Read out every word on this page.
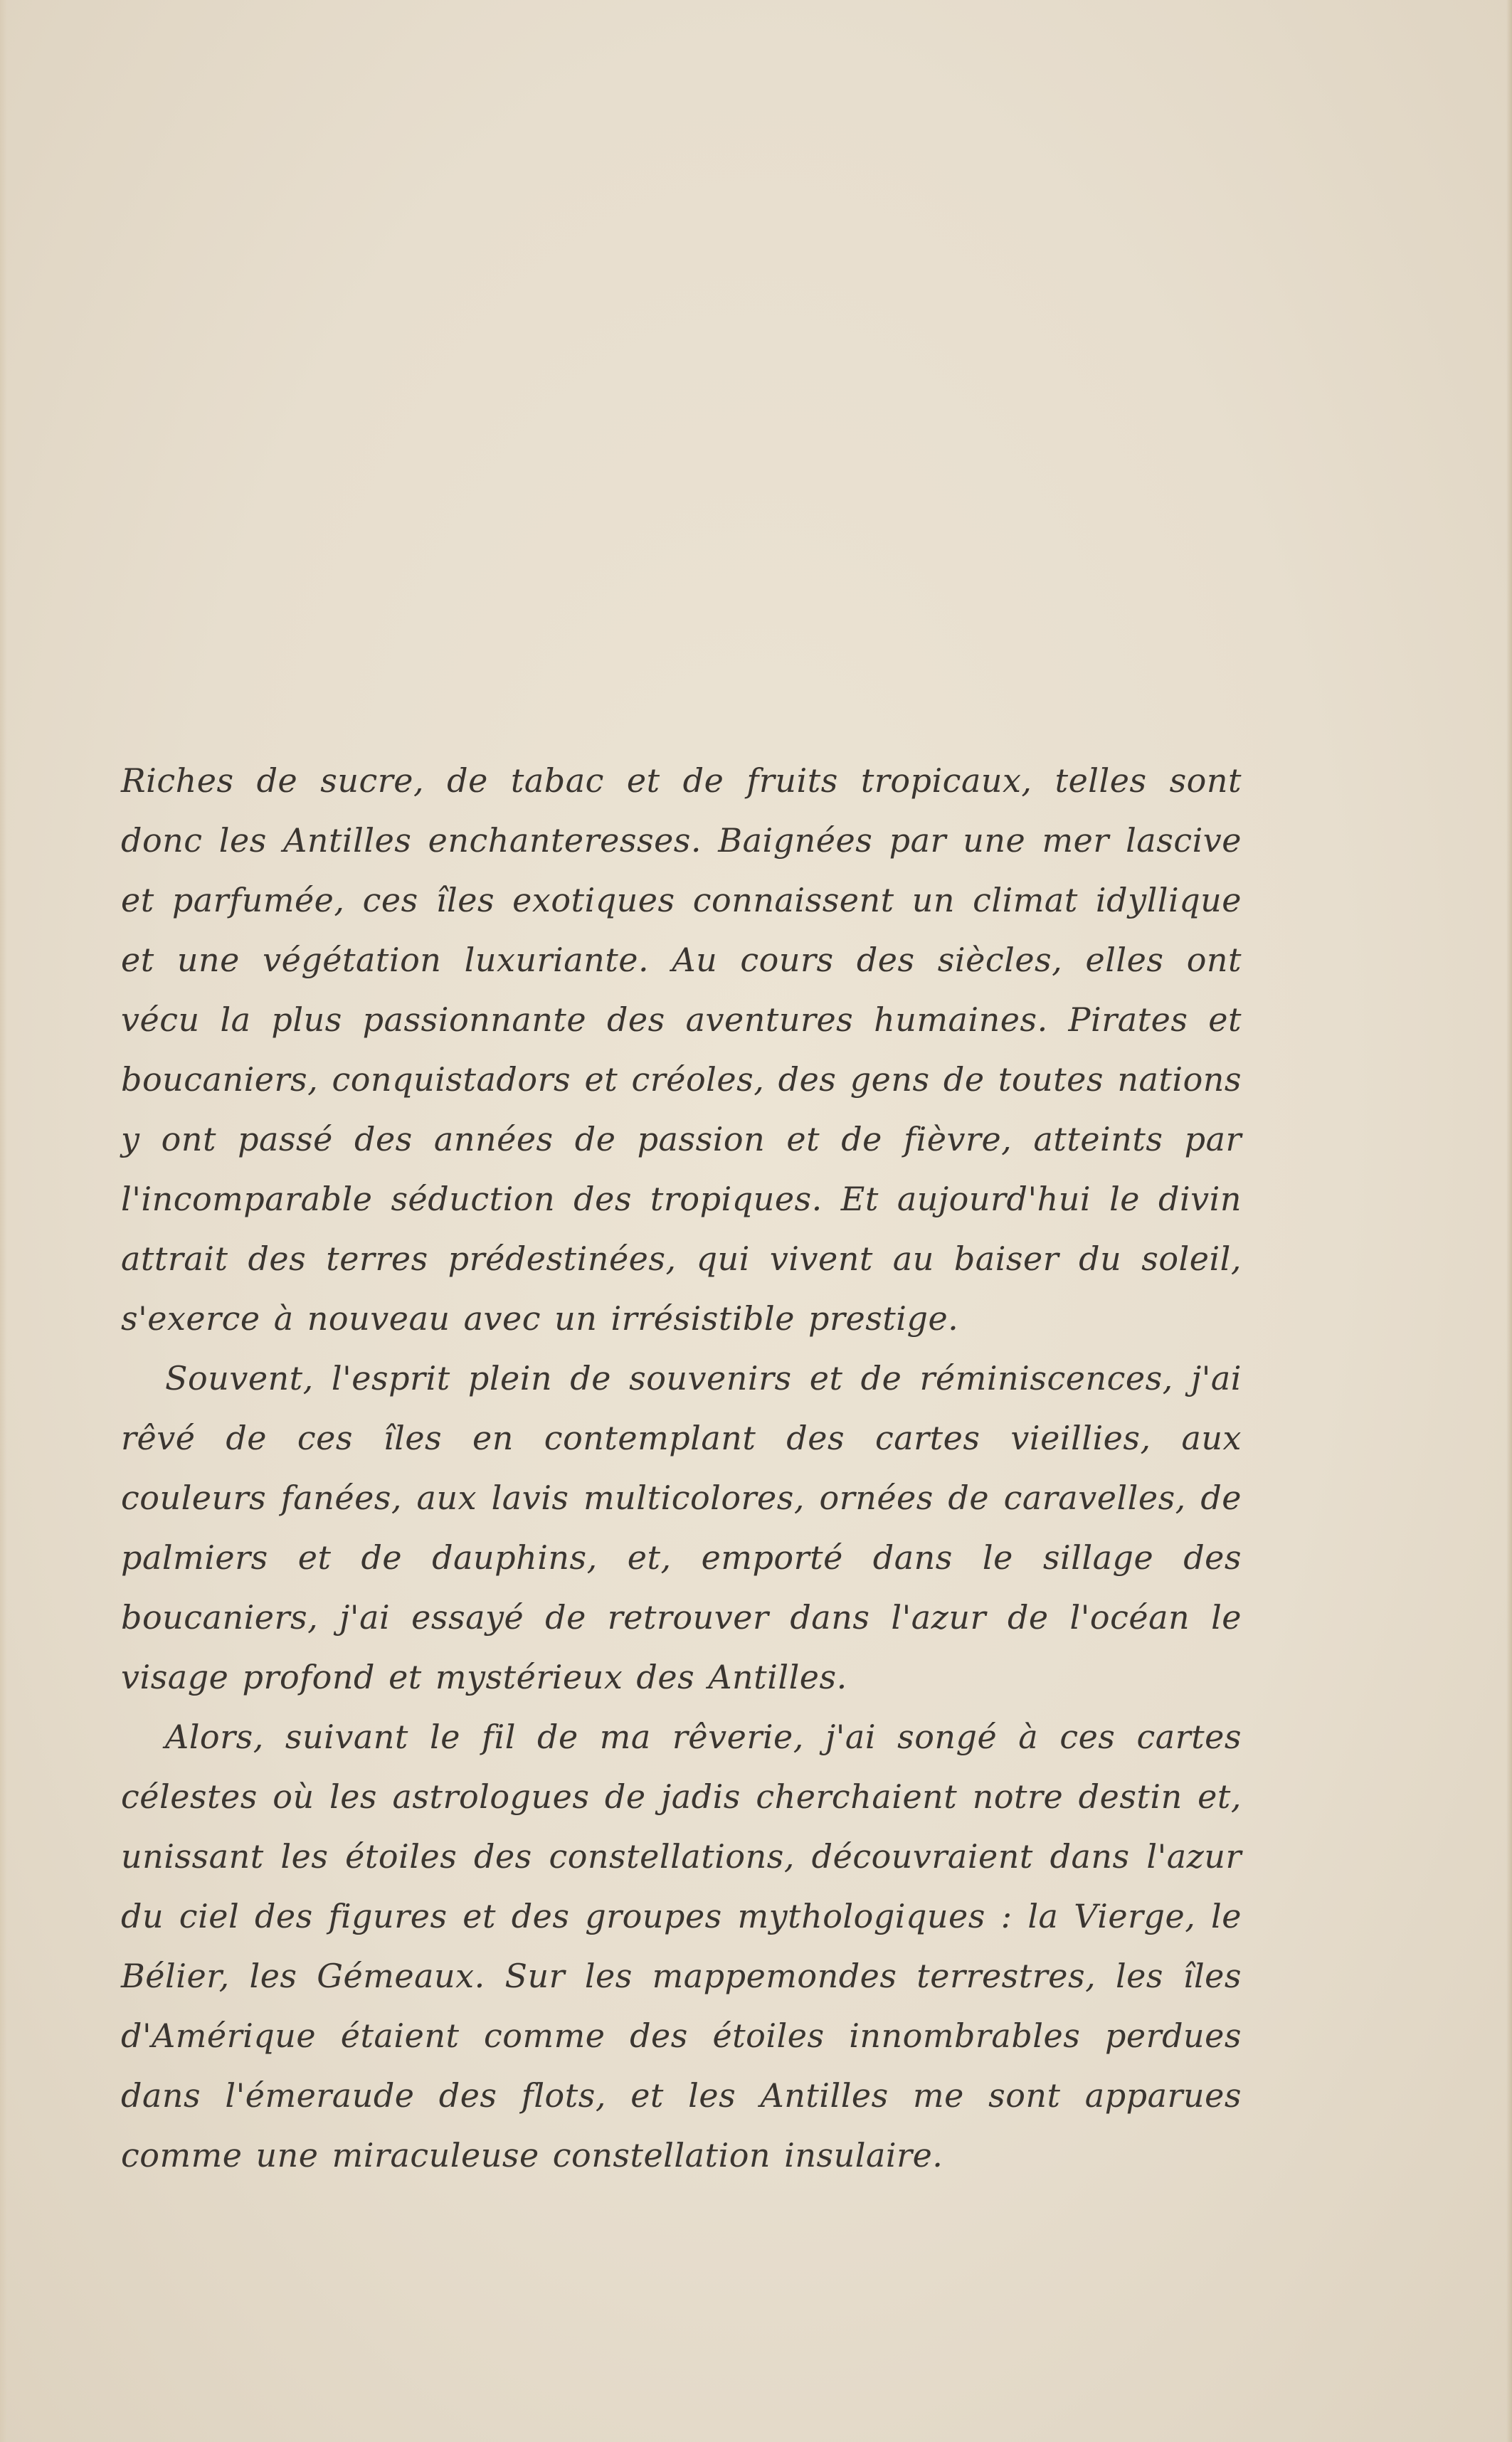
Riches de sucre, de tabac et de fruits tropicaux, telles sont donc les Antilles enchanteresses. Baignées par une mer lascive et parfumée, ces îles exotiques connaissent un climat idyllique et une végétation luxuriante. Au cours des siècles, elles ont vécu la plus passionnante des aventures humaines. Pirates et boucaniers, conquistadors et créoles, des gens de toutes nations y ont passé des années de passion et de fièvre, atteints par l'incomparable séduction des tropiques. Et aujourd'hui le divin attrait des terres prédestinées, qui vivent au baiser du soleil, s'exerce à nouveau avec un irrésistible prestige.

Souvent, l'esprit plein de souvenirs et de réminiscences, j'ai rêvé de ces îles en contemplant des cartes vieillies, aux couleurs fanées, aux lavis multicolores, ornées de caravelles, de palmiers et de dauphins, et, emporté dans le sillage des boucaniers, j'ai essayé de retrouver dans l'azur de l'océan le visage profond et mystérieux des Antilles.

Alors, suivant le fil de ma rêverie, j'ai songé à ces cartes célestes où les astrologues de jadis cherchaient notre destin et, unissant les étoiles des constellations, découvraient dans l'azur du ciel des figures et des groupes mythologiques : la Vierge, le Bélier, les Gémeaux. Sur les mappemondes terrestres, les îles d'Amérique étaient comme des étoiles innombrables perdues dans l'émeraude des flots, et les Antilles me sont apparues comme une miraculeuse constellation insulaire.
